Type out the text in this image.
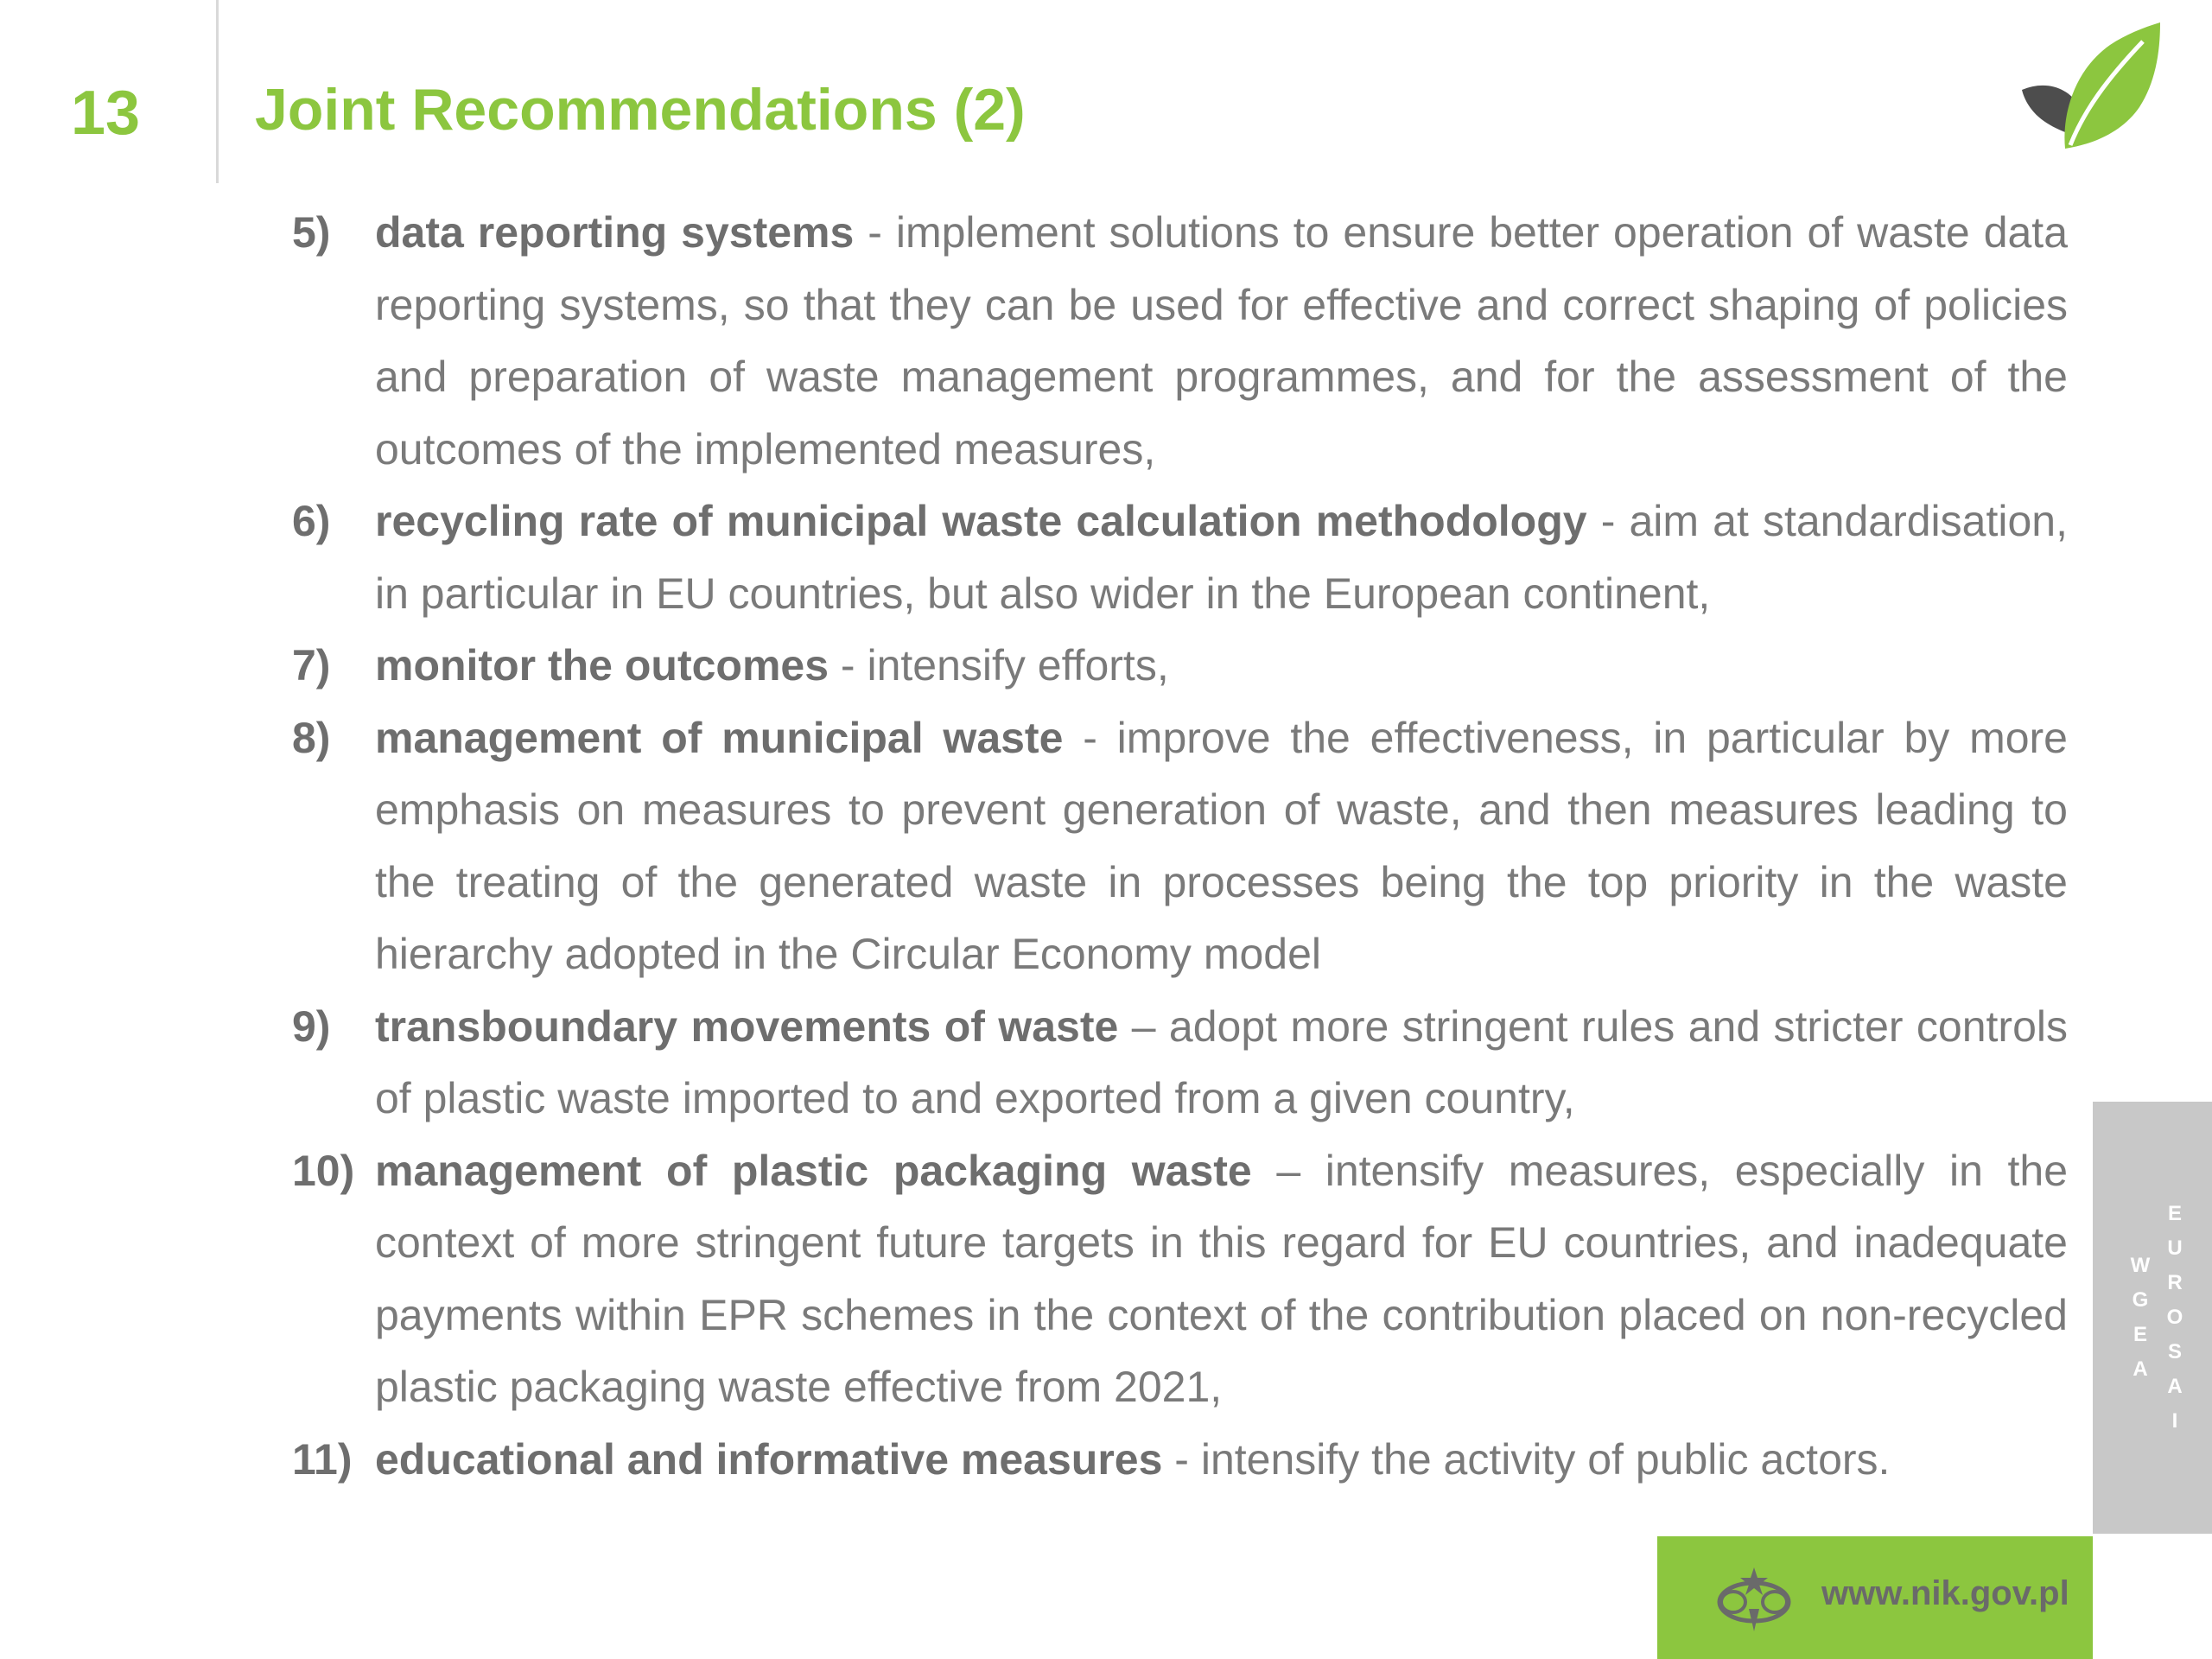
13 Joint Recommendations (2)
5) data reporting systems - implement solutions to ensure better operation of waste data reporting systems, so that they can be used for effective and correct shaping of policies and preparation of waste management programmes, and for the assessment of the outcomes of the implemented measures,
6) recycling rate of municipal waste calculation methodology - aim at standardisation, in particular in EU countries, but also wider in the European continent,
7) monitor the outcomes - intensify efforts,
8) management of municipal waste - improve the effectiveness, in particular by more emphasis on measures to prevent generation of waste, and then measures leading to the treating of the generated waste in processes being the top priority in the waste hierarchy adopted in the Circular Economy model
9) transboundary movements of waste – adopt more stringent rules and stricter controls of plastic waste imported to and exported from a given country,
10) management of plastic packaging waste – intensify measures, especially in the context of more stringent future targets in this regard for EU countries, and inadequate payments within EPR schemes in the context of the contribution placed on non-recycled plastic packaging waste effective from 2021,
11) educational and informative measures - intensify the activity of public actors.
W
G
E
A
E
U
R
O
S
A
I
www.nik.gov.pl
